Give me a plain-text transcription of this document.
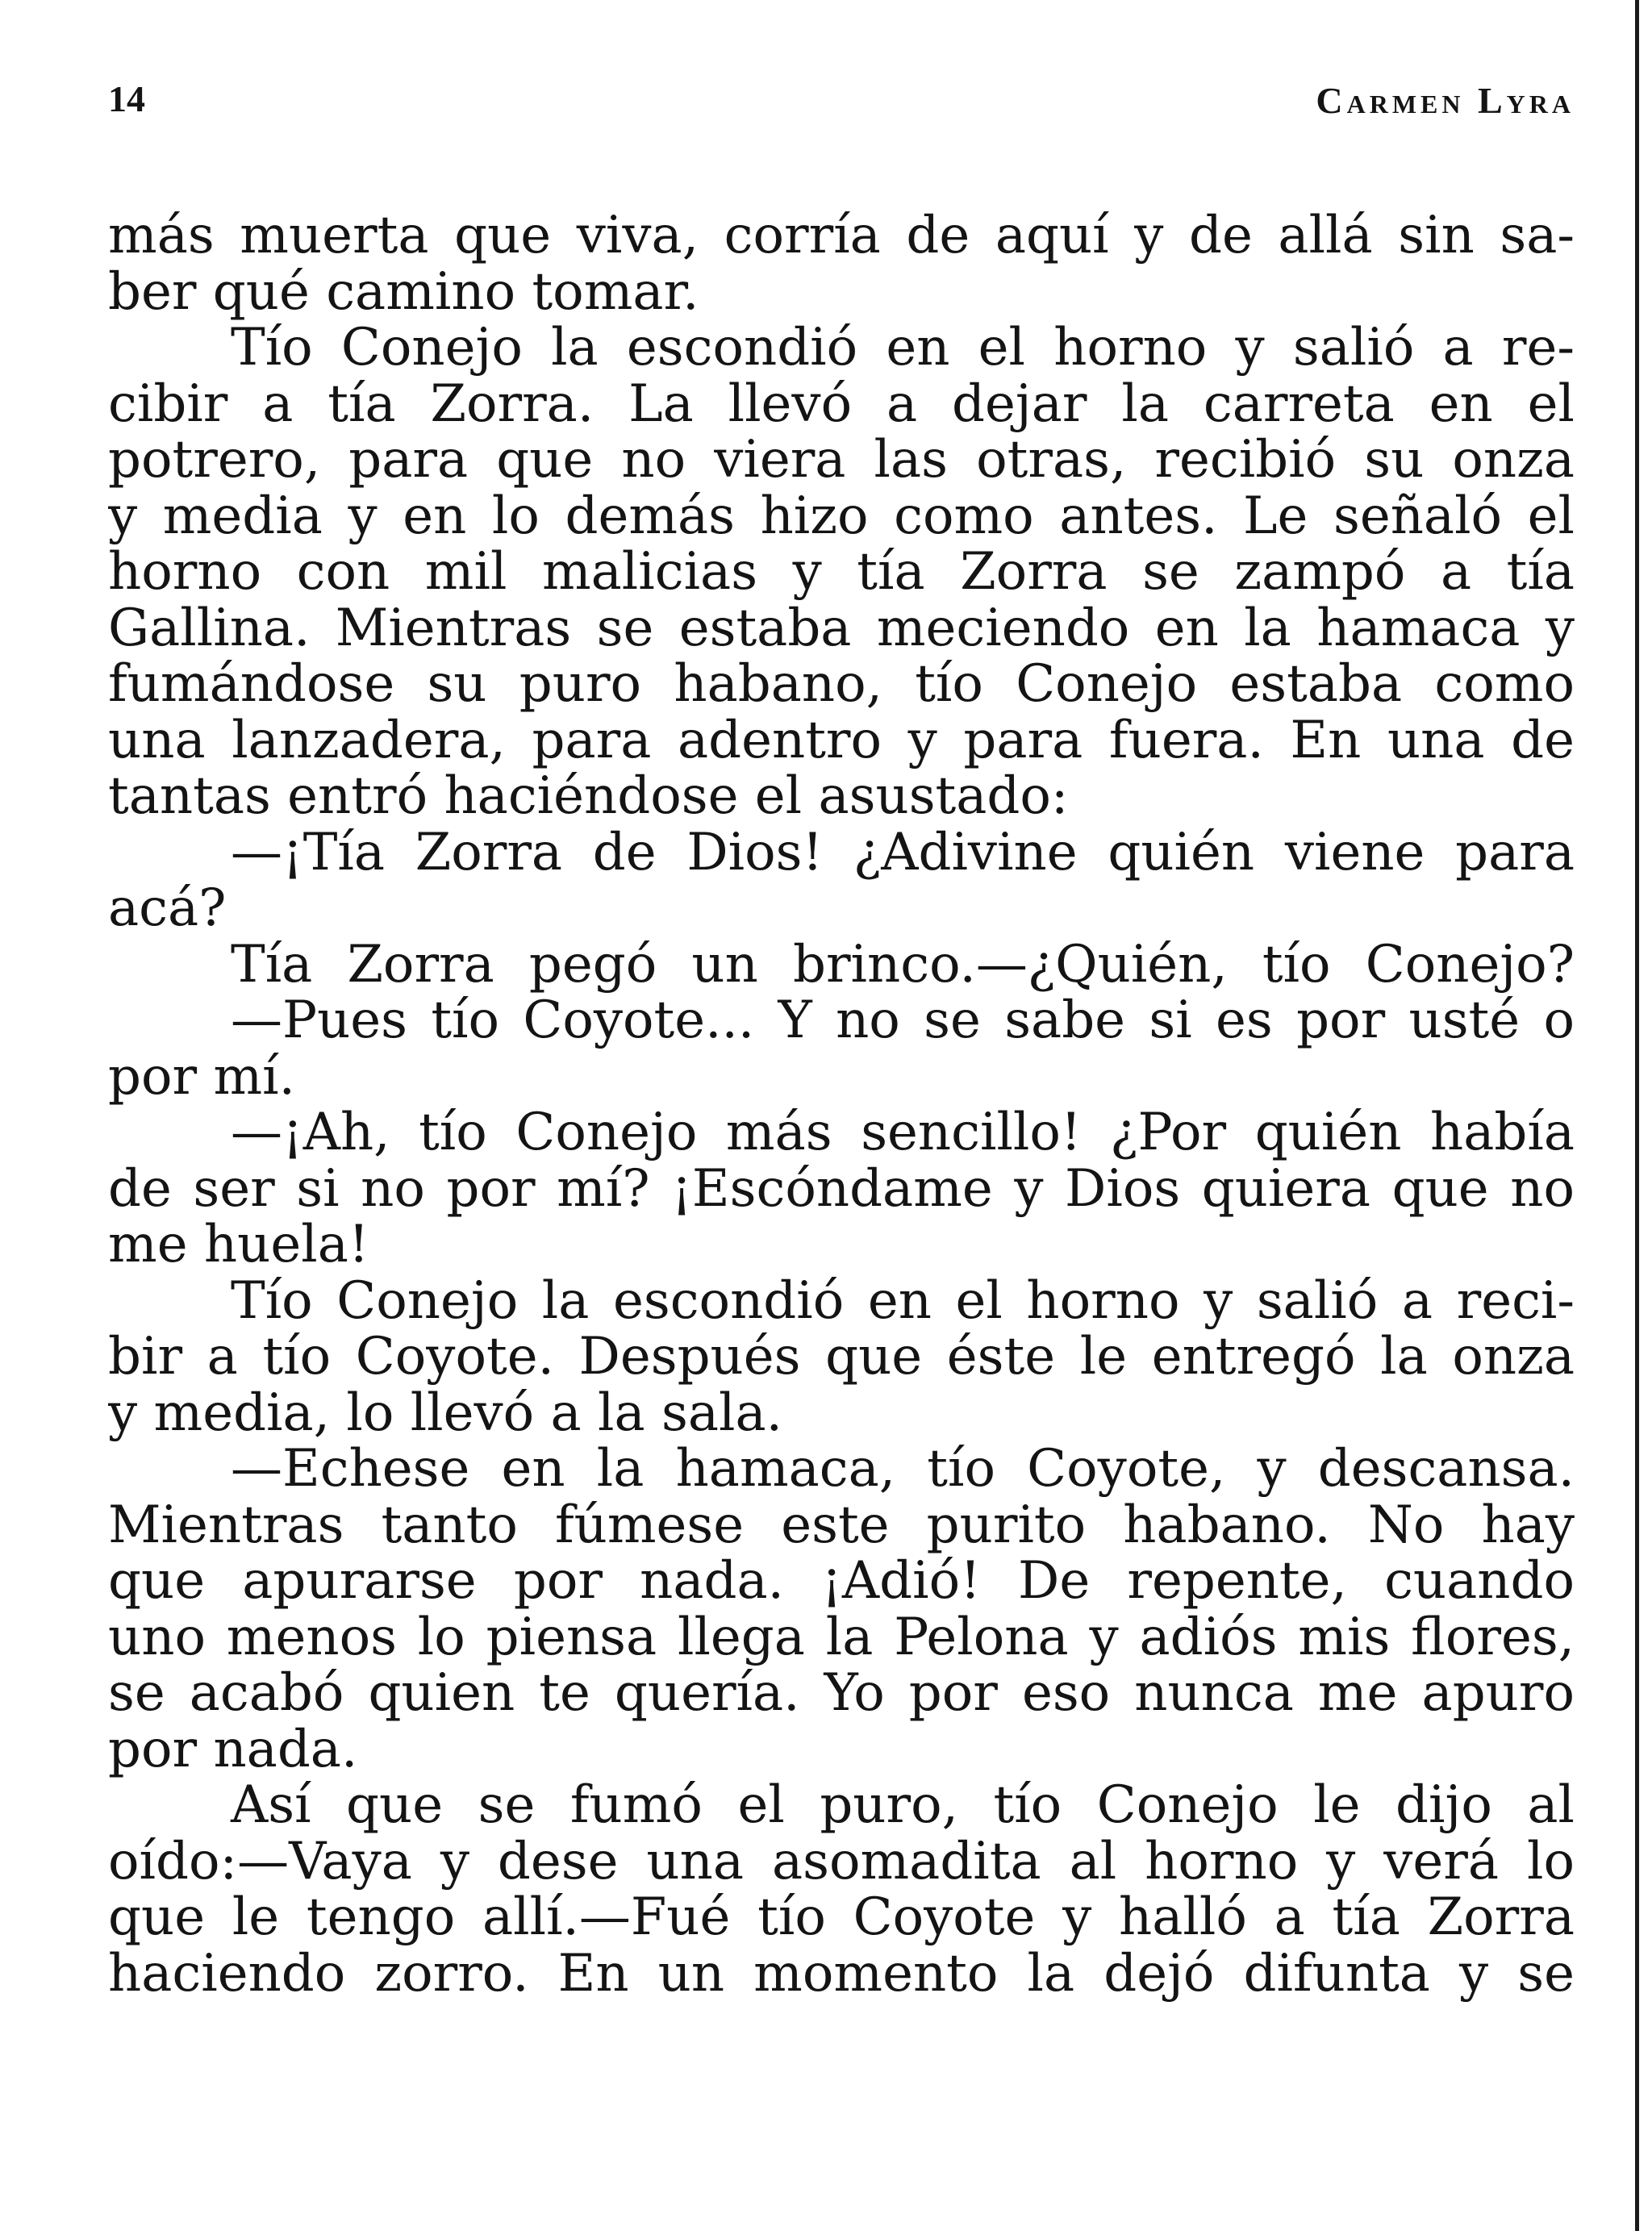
14	Carmen Lyra
más muerta que viva, corría de aquí y de allá sin sa-
ber qué camino tomar.
Tío Conejo la escondió en el horno y salió a re-
cibir a tía Zorra. La llevó a dejar la carreta en el
potrero, para que no viera las otras, recibió su onza
y media y en lo demás hizo como antes. Le señaló el
horno con mil malicias y tía Zorra se zampó a tía
Gallina. Mientras se estaba meciendo en la hamaca y
fumándose su puro habano, tío Conejo estaba como
una lanzadera, para adentro y para fuera. En una de
tantas entró haciéndose el asustado:
—¡Tía Zorra de Dios! ¿Adivine quién viene para
acá?
Tía Zorra pegó un brinco.—¿Quién, tío Conejo?
—Pues tío Coyote... Y no se sabe si es por usté o
por mí.
—¡Ah, tío Conejo más sencillo! ¿Por quién había
de ser si no por mí? ¡Escóndame y Dios quiera que no
me huela!
Tío Conejo la escondió en el horno y salió a reci-
bir a tío Coyote. Después que éste le entregó la onza
y media, lo llevó a la sala.
—Echese en la hamaca, tío Coyote, y descansa.
Mientras tanto fúmese este purito habano. No hay
que apurarse por nada. ¡Adió! De repente, cuando
uno menos lo piensa llega la Pelona y adiós mis flores,
se acabó quien te quería. Yo por eso nunca me apuro
por nada.
Así que se fumó el puro, tío Conejo le dijo al
oído:—Vaya y dese una asomadita al horno y verá lo
que le tengo allí.—Fué tío Coyote y halló a tía Zorra
haciendo zorro. En un momento la dejó difunta y se
